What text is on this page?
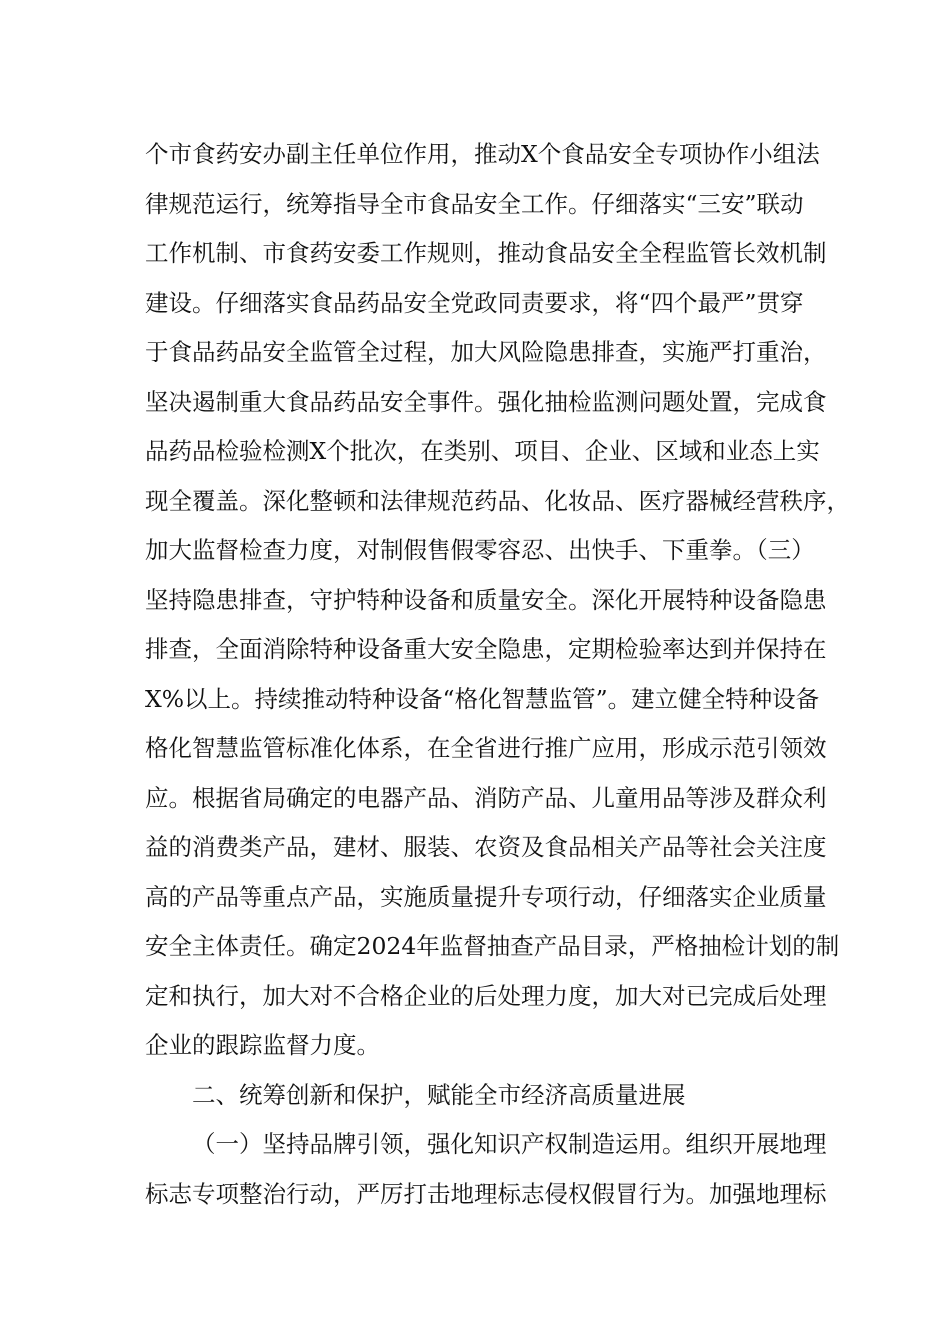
个市食药安办副主任单位作用，推动X个食品安全专项协作小组法
律规范运行，统筹指导全市食品安全工作。仔细落实“三安”联动
工作机制、市食药安委工作规则，推动食品安全全程监管长效机制
建设。仔细落实食品药品安全党政同责要求，将“四个最严”贯穿
于食品药品安全监管全过程，加大风险隐患排查，实施严打重治，
坚决遏制重大食品药品安全事件。强化抽检监测问题处置，完成食
品药品检验检测X个批次，在类别、项目、企业、区域和业态上实
现全覆盖。深化整顿和法律规范药品、化妆品、医疗器械经营秩序，
加大监督检查力度，对制假售假零容忍、出快手、下重拳。（三）
坚持隐患排查，守护特种设备和质量安全。深化开展特种设备隐患
排查，全面消除特种设备重大安全隐患，定期检验率达到并保持在
X%以上。持续推动特种设备“格化智慧监管”。建立健全特种设备
格化智慧监管标准化体系，在全省进行推广应用，形成示范引领效
应。根据省局确定的电器产品、消防产品、儿童用品等涉及群众利
益的消费类产品，建材、服装、农资及食品相关产品等社会关注度
高的产品等重点产品，实施质量提升专项行动，仔细落实企业质量
安全主体责任。确定2024年监督抽查产品目录，严格抽检计划的制
定和执行，加大对不合格企业的后处理力度，加大对已完成后处理
企业的跟踪监督力度。
二、统筹创新和保护，赋能全市经济高质量进展
（一）坚持品牌引领，强化知识产权制造运用。组织开展地理
标志专项整治行动，严厉打击地理标志侵权假冒行为。加强地理标
